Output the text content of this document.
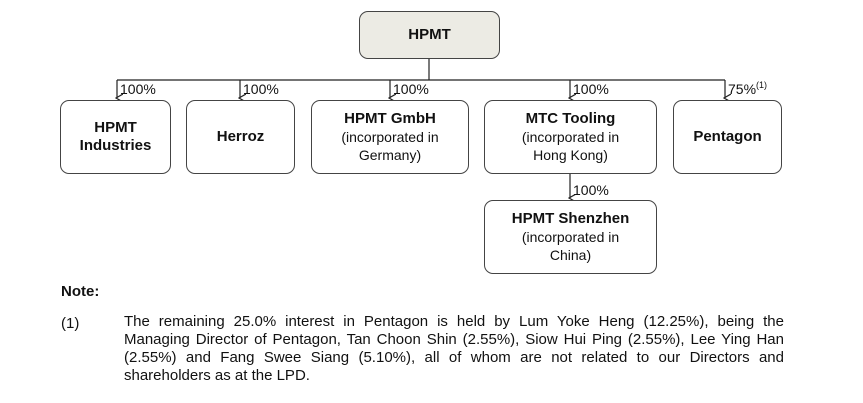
HPMT
100%	100%	100%	100%	75%$^{(1)}$
100%
HPMT Industries
Herroz
HPMT GmbH
(incorporated in Germany)
MTC Tooling
(incorporated in Hong Kong)
Pentagon
HPMT Shenzhen
(incorporated in China)
Note:
(1)	The remaining 25.0% interest in Pentagon is held by Lum Yoke Heng (12.25%), being the Managing Director of Pentagon, Tan Choon Shin (2.55%), Siow Hui Ping (2.55%), Lee Ying Han (2.55%) and Fang Swee Siang (5.10%), all of whom are not related to our Directors and shareholders as at the LPD.
